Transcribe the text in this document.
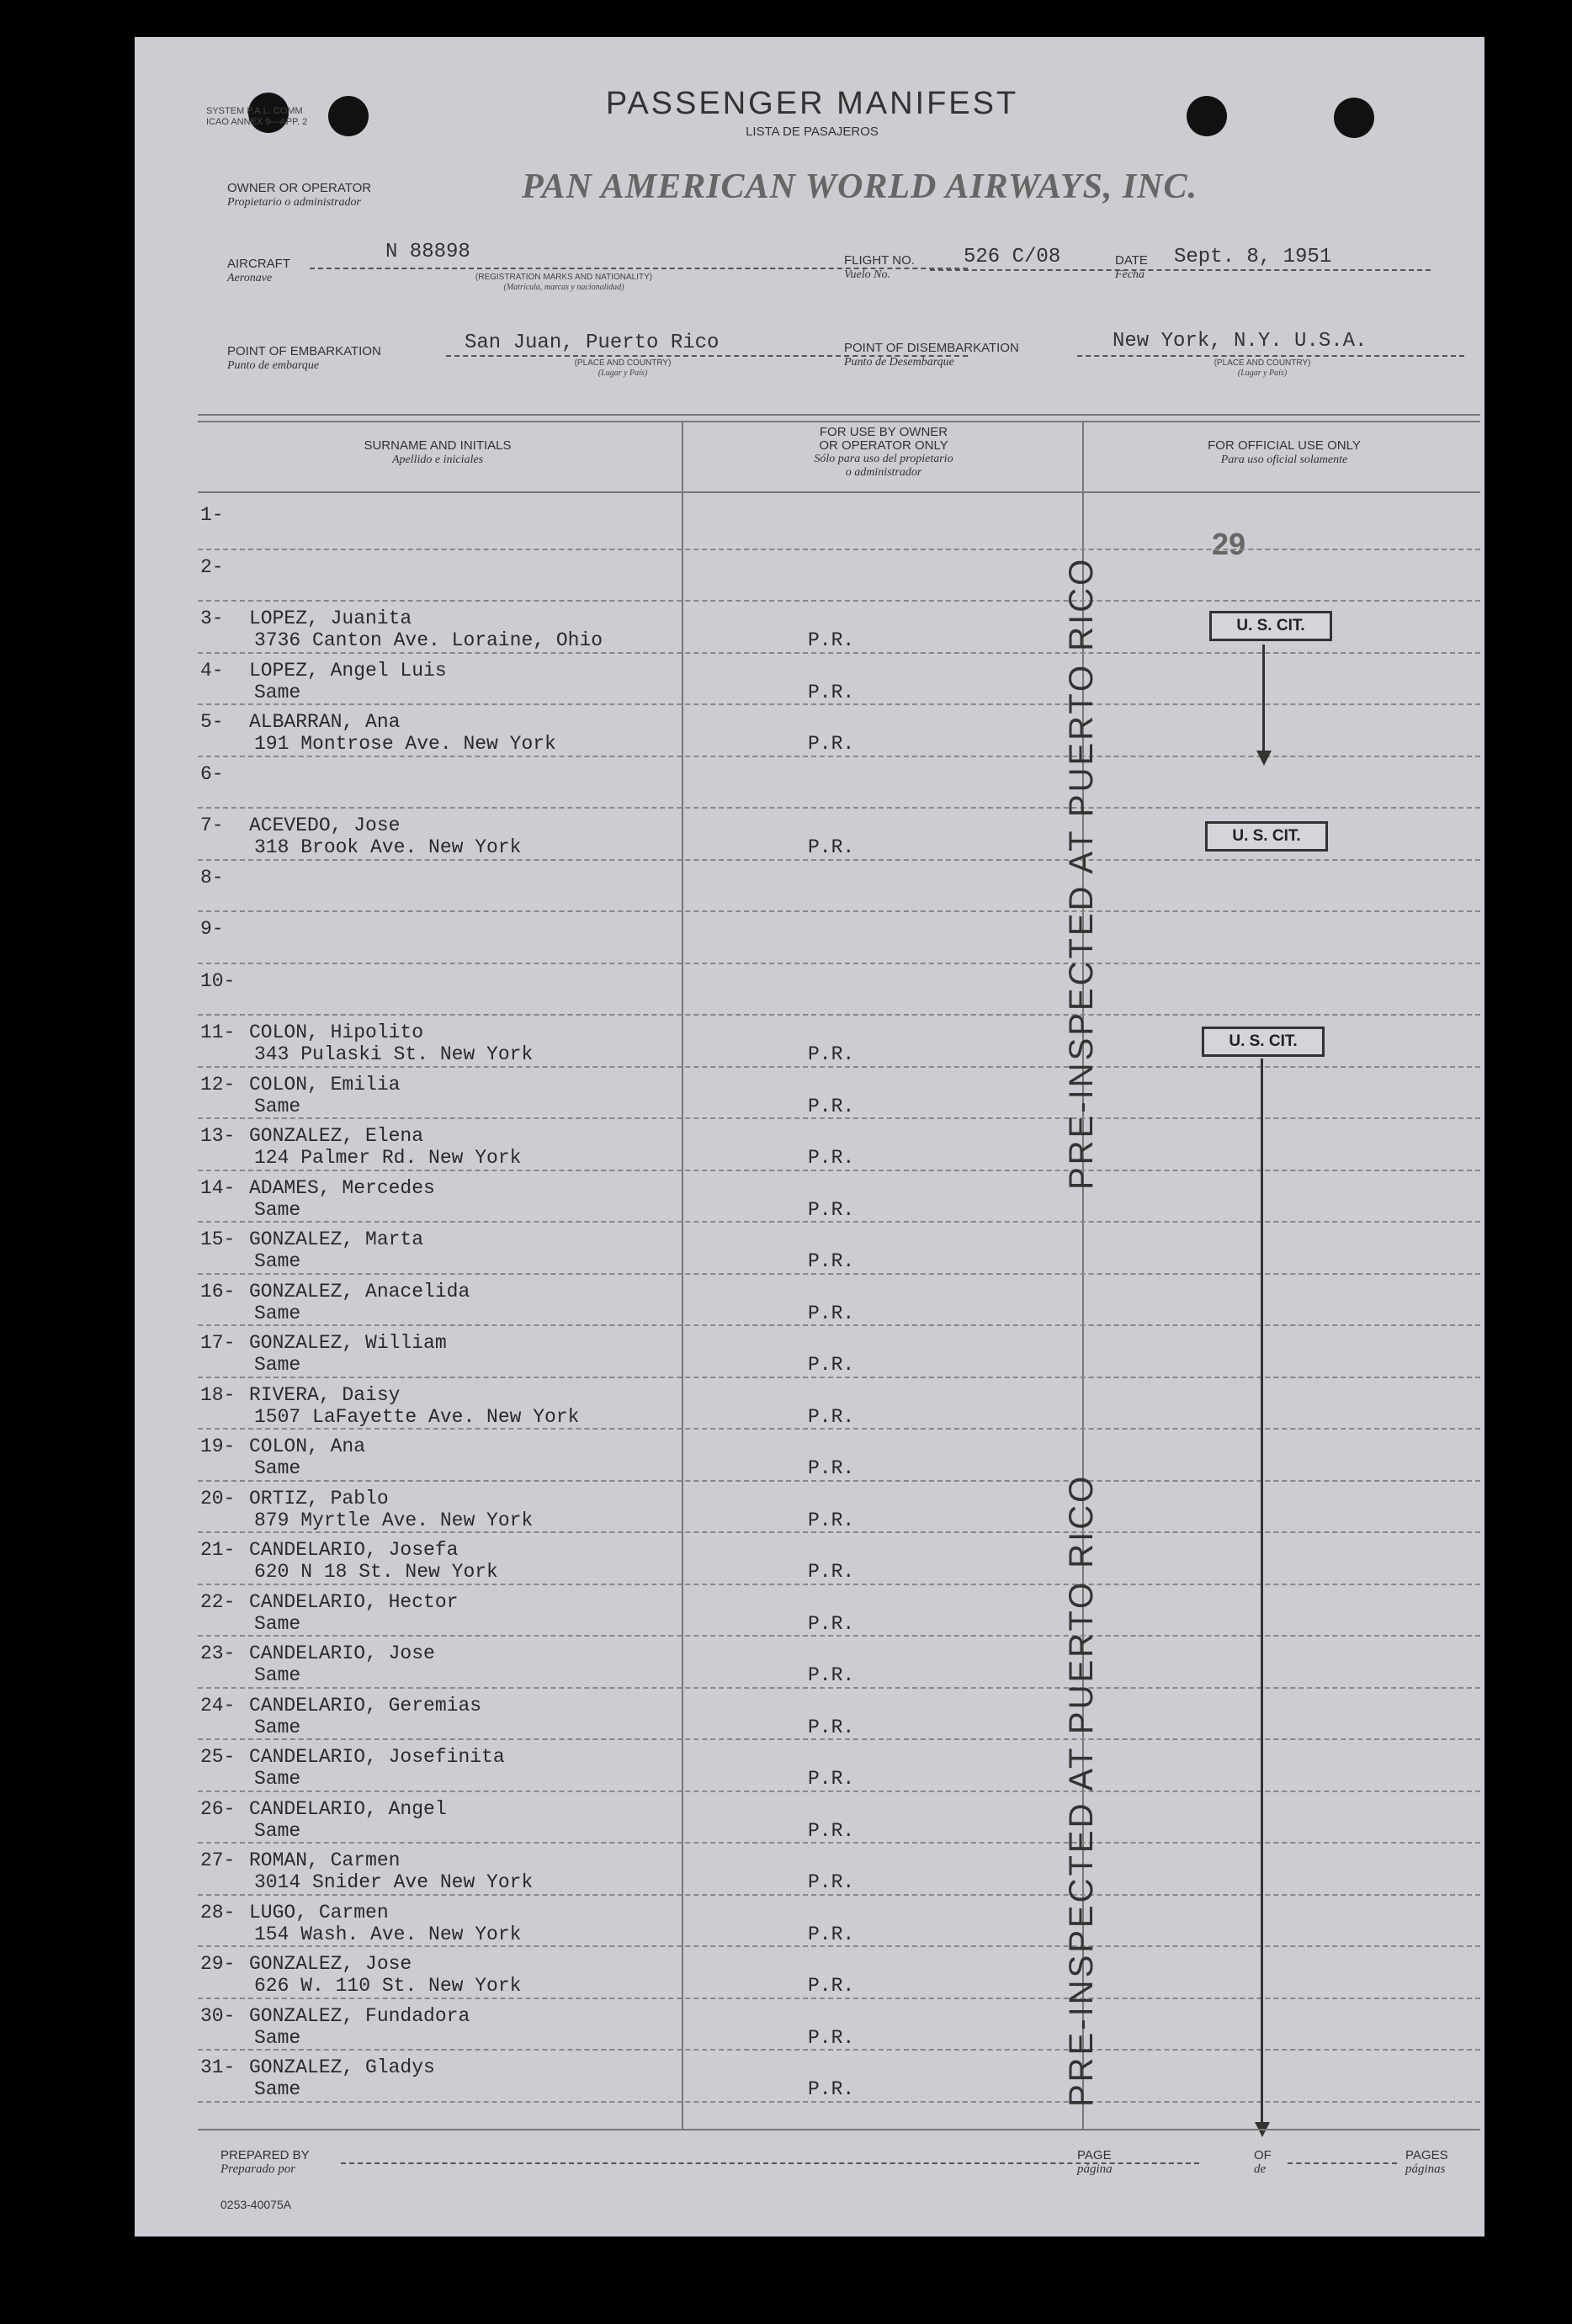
SYSTEM P.A.L. COMM
ICAO ANNEX 9—APP. 2
PASSENGER MANIFEST
LISTA DE PASAJEROS
OWNER OR OPERATOR
Propietario o administrador	PAN AMERICAN WORLD AIRWAYS, INC.
AIRCRAFT
Aeronave
N 88898
(REGISTRATION MARKS AND NATIONALITY)
(Matrícula, marcas y nacionalidad)
FLIGHT NO.
Vuelo No.
526 C/08	DATE
Fecha
Sept. 8, 1951
POINT OF EMBARKATION
Punto de embarque
San Juan, Puerto Rico
(PLACE AND COUNTRY)
(Lugar y País)
POINT OF DISEMBARKATION
Punto de Desembarque
New York, N.Y. U.S.A.
(PLACE AND COUNTRY)
(Lugar y País)
SURNAME AND INITIALS
Apellido e iniciales
FOR USE BY OWNER
OR OPERATOR ONLY
Sólo para uso del propietario
o administrador
FOR OFFICIAL USE ONLY
Para uso oficial solamente
29
1-
2-
3- LOPEZ, Juanita
3736 Canton Ave. Loraine, Ohio	P.R.
4- LOPEZ, Angel Luis
Same	P.R.
5- ALBARRAN, Ana
191 Montrose Ave. New York	P.R.
6-
7- ACEVEDO, Jose
318 Brook Ave. New York	P.R.
8-
9-
10-
11- COLON, Hipolito
343 Pulaski St. New York	P.R.
12- COLON, Emilia
Same	P.R.
13- GONZALEZ, Elena
124 Palmer Rd. New York	P.R.
14- ADAMES, Mercedes
Same	P.R.
15- GONZALEZ, Marta
Same	P.R.
16- GONZALEZ, Anacelida
Same	P.R.
17- GONZALEZ, William
Same	P.R.
18- RIVERA, Daisy
1507 LaFayette Ave. New York	P.R.
19- COLON, Ana
Same	P.R.
20- ORTIZ, Pablo
879 Myrtle Ave. New York	P.R.
21- CANDELARIO, Josefa
620 N 18 St. New York	P.R.
22- CANDELARIO, Hector
Same	P.R.
23- CANDELARIO, Jose
Same	P.R.
24- CANDELARIO, Geremias
Same	P.R.
25- CANDELARIO, Josefinita
Same	P.R.
26- CANDELARIO, Angel
Same	P.R.
27- ROMAN, Carmen
3014 Snider Ave New York	P.R.
28- LUGO, Carmen
154 Wash. Ave. New York	P.R.
29- GONZALEZ, Jose
626 W. 110 St. New York	P.R.
30- GONZALEZ, Fundadora
Same	P.R.
31- GONZALEZ, Gladys
Same	P.R.
U. S. CIT.
U. S. CIT.
U. S. CIT.
PRE-INSPECTED AT PUERTO RICO
PRE-INSPECTED AT PUERTO RICO
PREPARED BY
Preparado por
PAGE
página
OF
de
PAGES
páginas
0253-40075A
